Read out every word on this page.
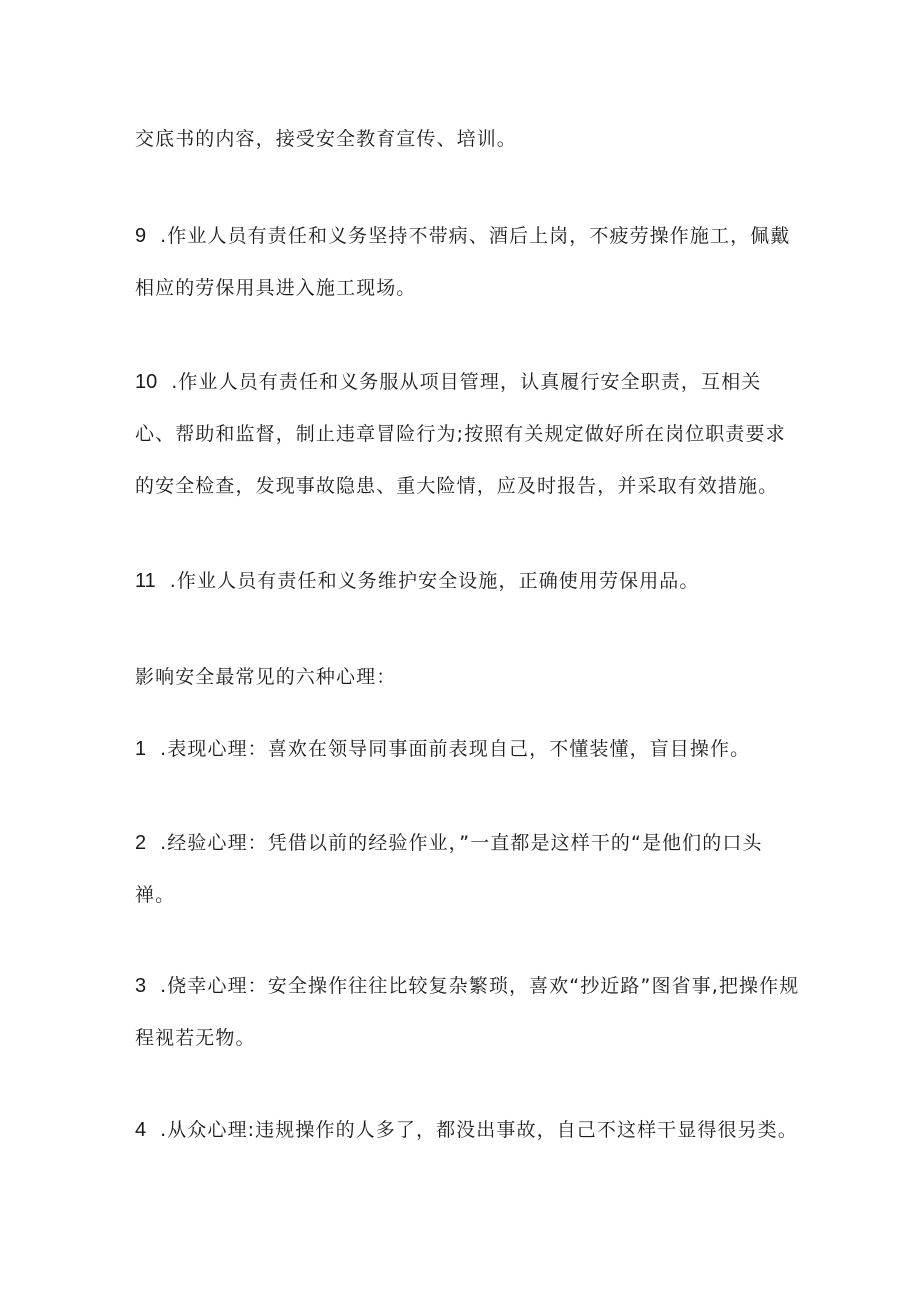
交底书的内容，接受安全教育宣传、培训。

9 .作业人员有责任和义务坚持不带病、酒后上岗，不疲劳操作施工，佩戴相应的劳保用具进入施工现场。

10 .作业人员有责任和义务服从项目管理，认真履行安全职责，互相关心、帮助和监督，制止违章冒险行为;按照有关规定做好所在岗位职责要求的安全检查，发现事故隐患、重大险情，应及时报告，并采取有效措施。

11 .作业人员有责任和义务维护安全设施，正确使用劳保用品。

影响安全最常见的六种心理：

1 .表现心理：喜欢在领导同事面前表现自己，不懂装懂，盲目操作。

2 .经验心理：凭借以前的经验作业，”一直都是这样干的“是他们的口头禅。

3 .侥幸心理：安全操作往往比较复杂繁琐，喜欢“抄近路”图省事,把操作规程视若无物。

4 .从众心理:违规操作的人多了，都没出事故，自己不这样干显得很另类。
